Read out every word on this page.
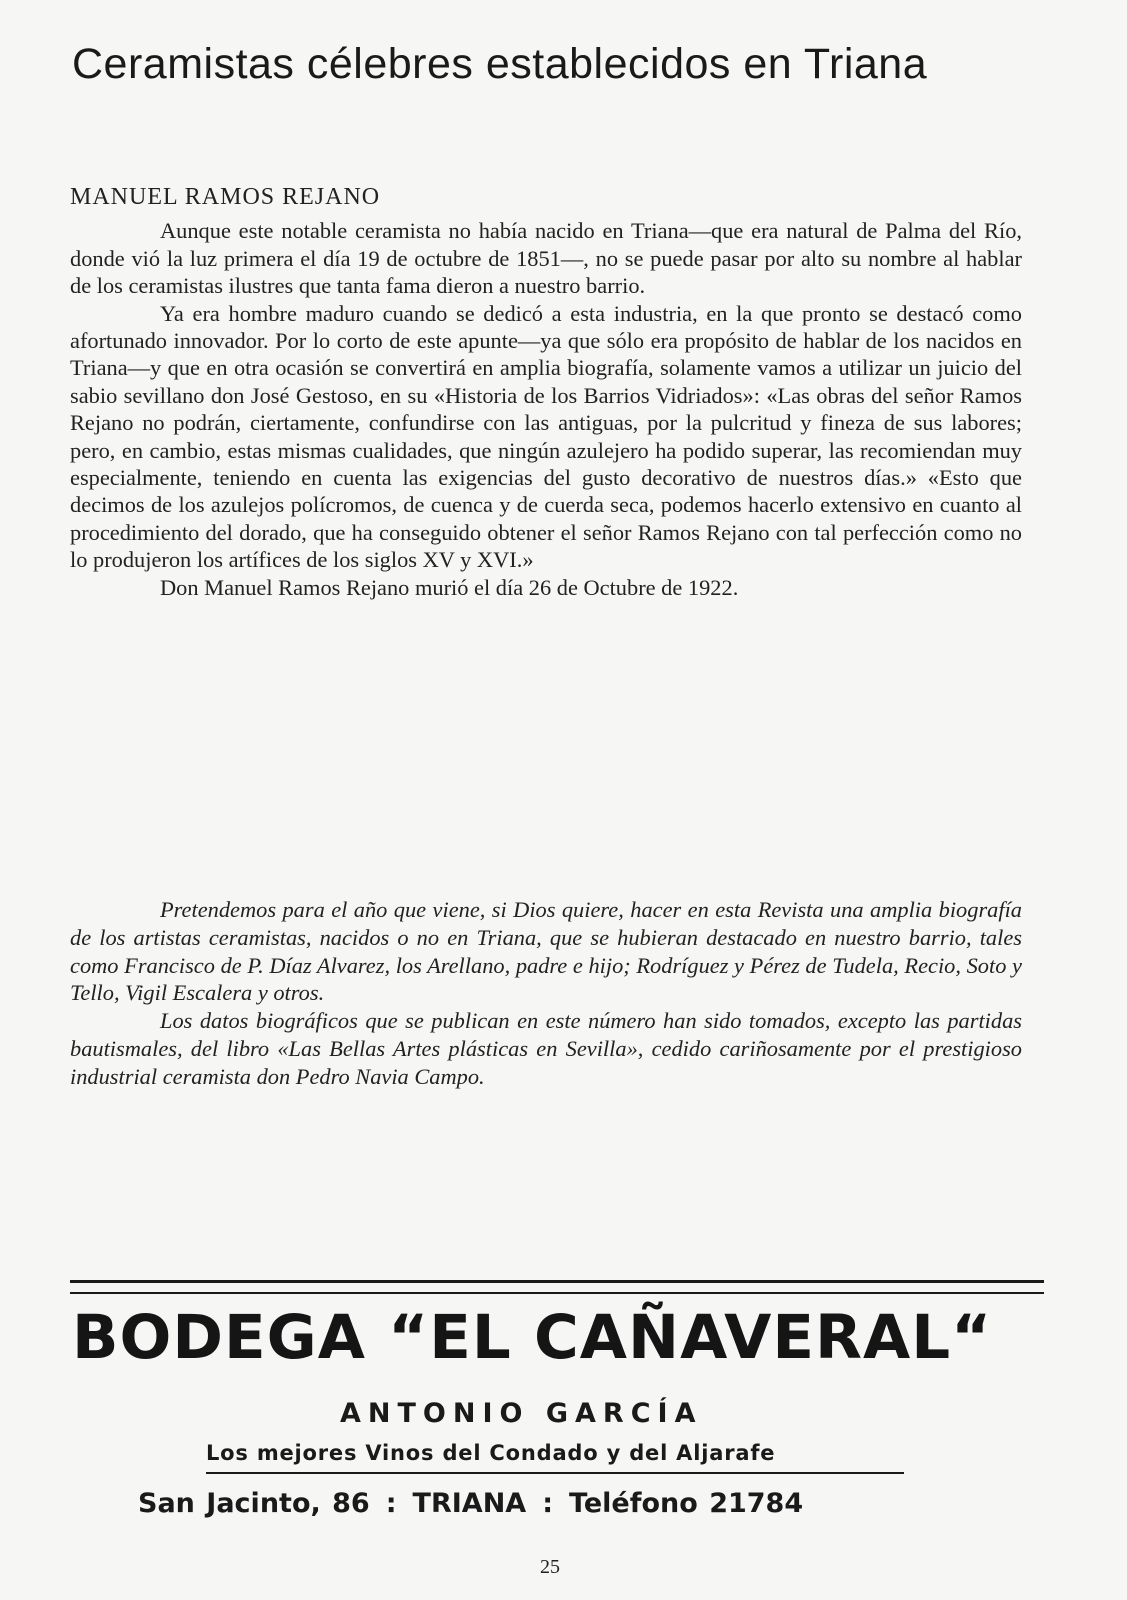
Ceramistas célebres establecidos en Triana
MANUEL RAMOS REJANO

Aunque este notable ceramista no había nacido en Triana—que era natural de Palma del Río, donde vió la luz primera el día 19 de octubre de 1851—, no se puede pasar por alto su nombre al hablar de los ceramistas ilustres que tanta fama dieron a nuestro barrio.

Ya era hombre maduro cuando se dedicó a esta industria, en la que pronto se destacó como afortunado innovador. Por lo corto de este apunte—ya que sólo era propósito de hablar de los nacidos en Triana—y que en otra ocasión se convertirá en amplia biografía, solamente vamos a utilizar un juicio del sabio sevillano don José Gestoso, en su «Historia de los Barrios Vidriados»: «Las obras del señor Ramos Rejano no podrán, ciertamente, confundirse con las antiguas, por la pulcritud y fineza de sus labores; pero, en cambio, estas mismas cualidades, que ningún azulejero ha podido superar, las recomiendan muy especialmente, teniendo en cuenta las exigencias del gusto decorativo de nuestros días.» «Esto que decimos de los azulejos polícromos, de cuenca y de cuerda seca, podemos hacerlo extensivo en cuanto al procedimiento del dorado, que ha conseguido obtener el señor Ramos Rejano con tal perfección como no lo produjeron los artífices de los siglos XV y XVI.»

Don Manuel Ramos Rejano murió el día 26 de Octubre de 1922.

Pretendemos para el año que viene, si Dios quiere, hacer en esta Revista una amplia biografía de los artistas ceramistas, nacidos o no en Triana, que se hubieran destacado en nuestro barrio, tales como Francisco de P. Díaz Alvarez, los Arellano, padre e hijo; Rodríguez y Pérez de Tudela, Recio, Soto y Tello, Vigil Escalera y otros.

Los datos biográficos que se publican en este número han sido tomados, excepto las partidas bautismales, del libro «Las Bellas Artes plásticas en Sevilla», cedido cariñosamente por el prestigioso industrial ceramista don Pedro Navia Campo.

BODEGA “EL CAÑAVERAL“
ANTONIO GARCÍA
Los mejores Vinos del Condado y del Aljarafe
San Jacinto, 86 : TRIANA : Teléfono 21784
25
